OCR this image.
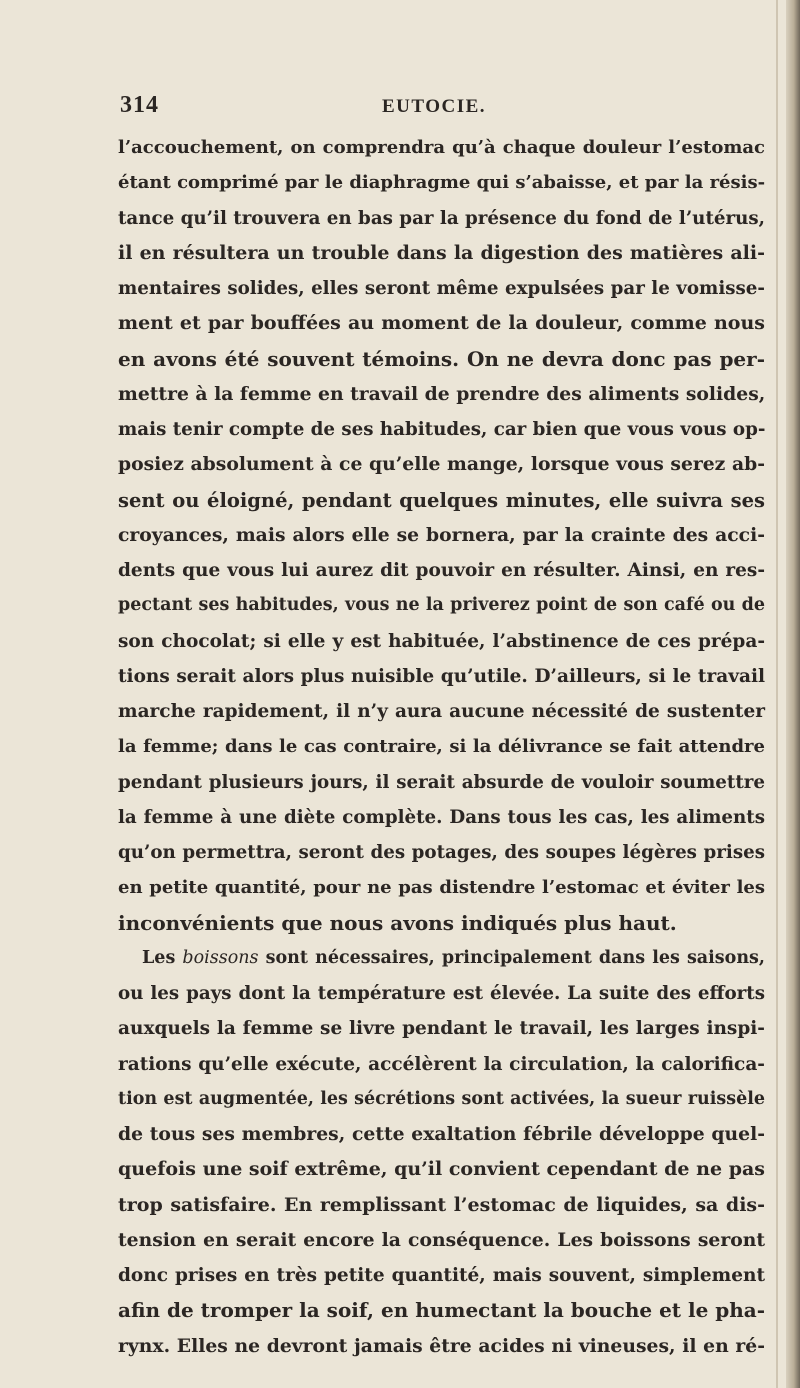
314	EUTOCIE.
l’accouchement, on comprendra qu’à chaque douleur l’estomac
étant comprimé par le diaphragme qui s’abaisse, et par la résis-
tance qu’il trouvera en bas par la présence du fond de l’utérus,
il en résultera un trouble dans la digestion des matières ali-
mentaires solides, elles seront même expulsées par le vomisse-
ment et par bouffées au moment de la douleur, comme nous
en avons été souvent témoins. On ne devra donc pas per-
mettre à la femme en travail de prendre des aliments solides,
mais tenir compte de ses habitudes, car bien que vous vous op-
posiez absolument à ce qu’elle mange, lorsque vous serez ab-
sent ou éloigné, pendant quelques minutes, elle suivra ses
croyances, mais alors elle se bornera, par la crainte des acci-
dents que vous lui aurez dit pouvoir en résulter. Ainsi, en res-
pectant ses habitudes, vous ne la priverez point de son café ou de
son chocolat; si elle y est habituée, l’abstinence de ces prépa-
tions serait alors plus nuisible qu’utile. D’ailleurs, si le travail
marche rapidement, il n’y aura aucune nécessité de sustenter
la femme; dans le cas contraire, si la délivrance se fait attendre
pendant plusieurs jours, il serait absurde de vouloir soumettre
la femme à une diète complète. Dans tous les cas, les aliments
qu’on permettra, seront des potages, des soupes légères prises
en petite quantité, pour ne pas distendre l’estomac et éviter les
inconvénients que nous avons indiqués plus haut.
Les boissons sont nécessaires, principalement dans les saisons,
ou les pays dont la température est élevée. La suite des efforts
auxquels la femme se livre pendant le travail, les larges inspi-
rations qu’elle exécute, accélèrent la circulation, la calorifica-
tion est augmentée, les sécrétions sont activées, la sueur ruissèle
de tous ses membres, cette exaltation fébrile développe quel-
quefois une soif extrême, qu’il convient cependant de ne pas
trop satisfaire. En remplissant l’estomac de liquides, sa dis-
tension en serait encore la conséquence. Les boissons seront
donc prises en très petite quantité, mais souvent, simplement
afin de tromper la soif, en humectant la bouche et le pha-
rynx. Elles ne devront jamais être acides ni vineuses, il en ré-
